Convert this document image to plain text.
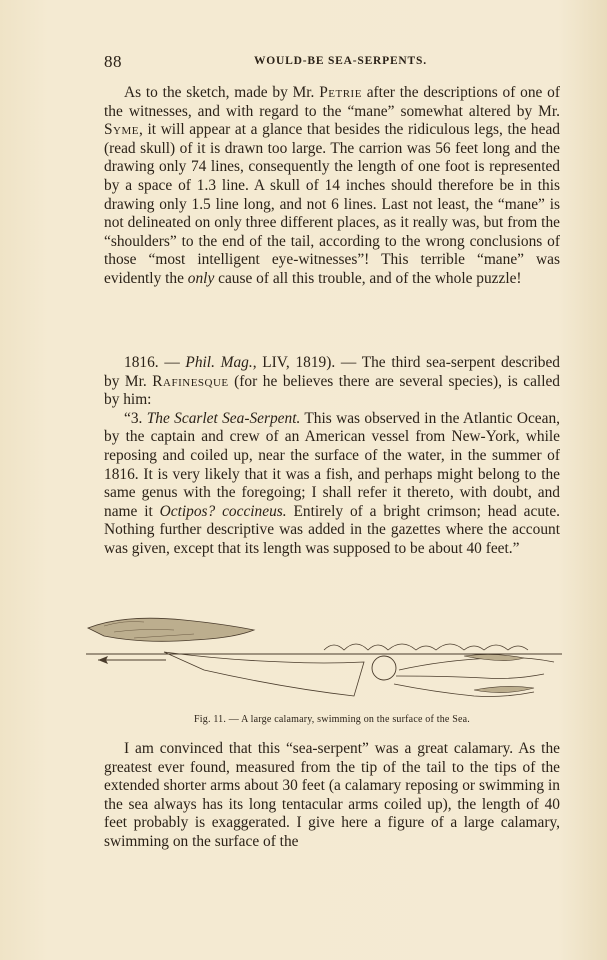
88	WOULD-BE SEA-SERPENTS.

As to the sketch, made by Mr. Petrie after the descriptions of one of the witnesses, and with regard to the “mane” somewhat altered by Mr. Syme, it will appear at a glance that besides the ridiculous legs, the head (read skull) of it is drawn too large. The carrion was 56 feet long and the drawing only 74 lines, consequently the length of one foot is represented by a space of 1.3 line. A skull of 14 inches should therefore be in this drawing only 1.5 line long, and not 6 lines. Last not least, the “mane” is not delineated on only three different places, as it really was, but from the “shoulders” to the end of the tail, according to the wrong conclusions of those “most intelligent eye-witnesses”! This terrible “mane” was evidently the only cause of all this trouble, and of the whole puzzle!

1816. — Phil. Mag., LIV, 1819). — The third sea-serpent described by Mr. Rafinesque (for he believes there are several species), is called by him:

“3. The Scarlet Sea-Serpent. This was observed in the Atlantic Ocean, by the captain and crew of an American vessel from New-York, while reposing and coiled up, near the surface of the water, in the summer of 1816. It is very likely that it was a fish, and perhaps might belong to the same genus with the foregoing; I shall refer it thereto, with doubt, and name it Octipos? coccineus. Entirely of a bright crimson; head acute. Nothing further descriptive was added in the gazettes where the account was given, except that its length was supposed to be about 40 feet.”

Fig. 11. — A large calamary, swimming on the surface of the Sea.

I am convinced that this “sea-serpent” was a great calamary. As the greatest ever found, measured from the tip of the tail to the tips of the extended shorter arms about 30 feet (a calamary reposing or swimming in the sea always has its long tentacular arms coiled up), the length of 40 feet probably is exaggerated. I give here a figure of a large calamary, swimming on the surface of the
